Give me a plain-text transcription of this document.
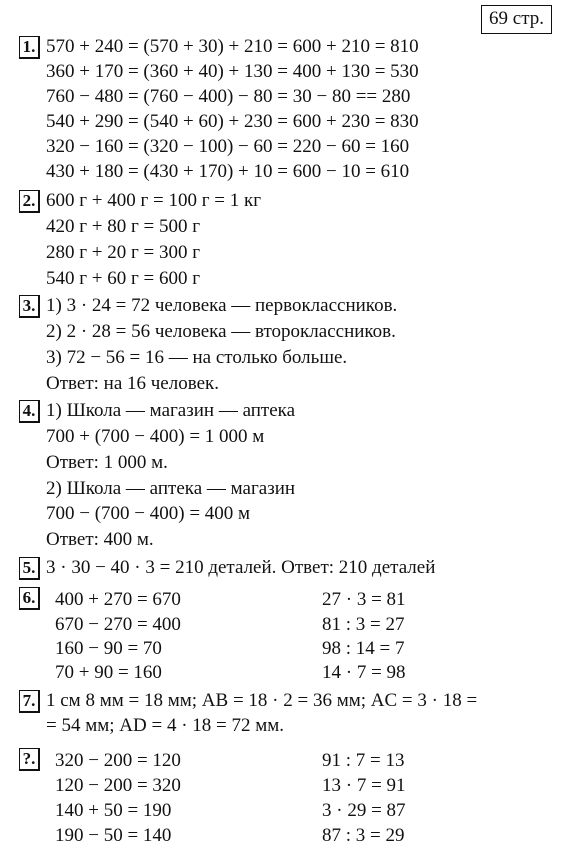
69 стр.
1. 570 + 240 = (570 + 30) + 210 = 600 + 210 = 810
360 + 170 = (360 + 40) + 130 = 400 + 130 = 530
760 − 480 = (760 − 400) − 80 = 30 − 80 == 280
540 + 290 = (540 + 60) + 230 = 600 + 230 = 830
320 − 160 = (320 − 100) − 60 = 220 − 60 = 160
430 + 180 = (430 + 170) + 10 = 600 − 10 = 610
2. 600 г + 400 г = 100 г = 1 кг
420 г + 80 г = 500 г
280 г + 20 г = 300 г
540 г + 60 г = 600 г
3. 1) 3 · 24 = 72 человека — первоклассников.
2) 2 · 28 = 56 человека — второклассников.
3) 72 − 56 = 16 — на столько больше.
Ответ: на 16 человек.
4. 1) Школа — магазин — аптека
700 + (700 − 400) = 1 000 м
Ответ: 1 000 м.
2) Школа — аптека — магазин
700 − (700 − 400) = 400 м
Ответ: 400 м.
5. 3 · 30 − 40 · 3 = 210 деталей. Ответ: 210 деталей
6. 400 + 270 = 670
670 − 270 = 400
160 − 90 = 70
70 + 90 = 160
27 · 3 = 81
81 : 3 = 27
98 : 14 = 7
14 · 7 = 98
7. 1 см 8 мм = 18 мм; AB = 18 · 2 = 36 мм; AC = 3 · 18 =
= 54 мм; AD = 4 · 18 = 72 мм.
?. 320 − 200 = 120
120 − 200 = 320
140 + 50 = 190
190 − 50 = 140
91 : 7 = 13
13 · 7 = 91
3 · 29 = 87
87 : 3 = 29
